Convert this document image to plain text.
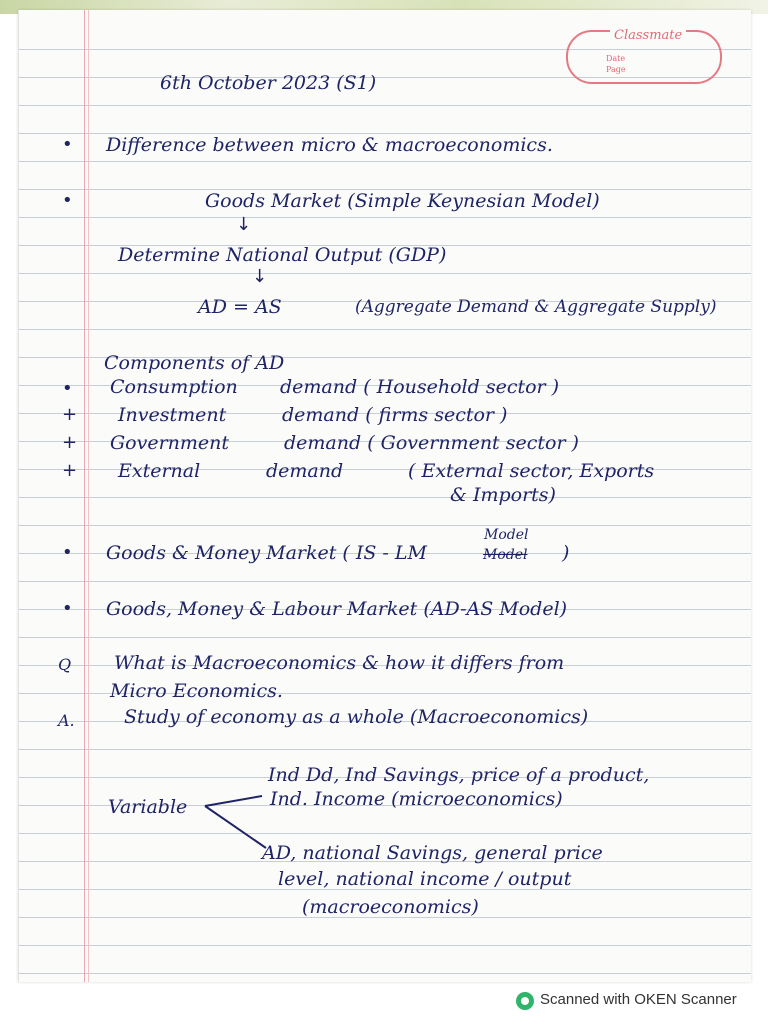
Classmate
Date
Page
6th October 2023 (S1)
• Difference between micro & macroeconomics.
•	Goods Market (Simple Keynesian Model)
↓
Determine National Output (GDP)
↓
AD = AS	(Aggregate Demand & Aggregate Supply)
Components of AD
• Consumption demand ( Household sector )
+ Investment	demand ( firms sector )
+ Government	demand ( Government sector )
+ External	demand	( External sector, Exports
& Imports)
• Goods & Money Market ( IS - LM
Model
Model )
• Goods, Money & Labour Market (AD-AS Model)
Q What is Macroeconomics & how it differs from
Micro Economics.
A.	Study of economy as a whole (Macroeconomics)
Ind Dd, Ind Savings, price of a product,
Variable	Ind. Income (microeconomics)
AD, national Savings, general price
level, national income / output
(macroeconomics)
Scanned with OKEN Scanner
